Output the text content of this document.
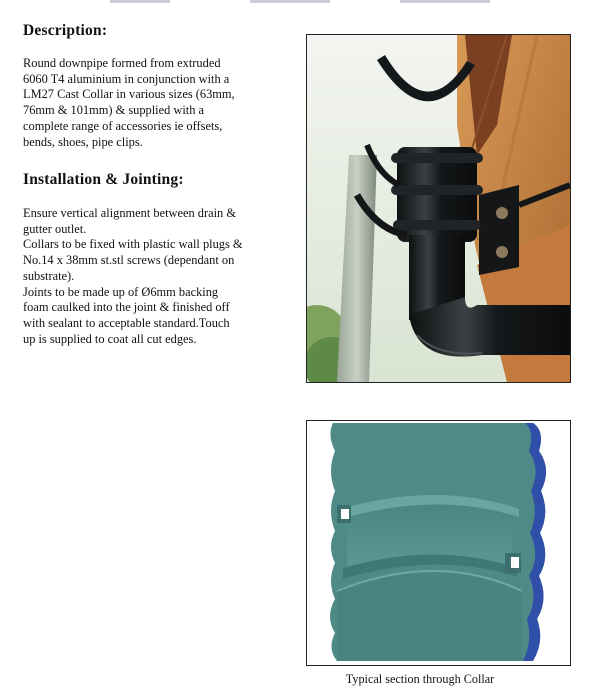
Description:
Round downpipe formed from extruded
6060 T4 aluminium in conjunction with a
LM27 Cast Collar in various sizes (63mm,
76mm & 101mm) & supplied with a
complete range of accessories ie offsets,
bends, shoes, pipe clips.
Installation & Jointing:
Ensure vertical alignment between drain &
gutter outlet.
Collars to be fixed with plastic wall plugs &
No.14 x 38mm st.stl screws (dependant on
substrate).
Joints to be made up of Ø6mm backing
foam caulked into the joint & finished off
with sealant to acceptable standard.Touch
up is supplied to coat all cut edges.
Typical section through Collar
